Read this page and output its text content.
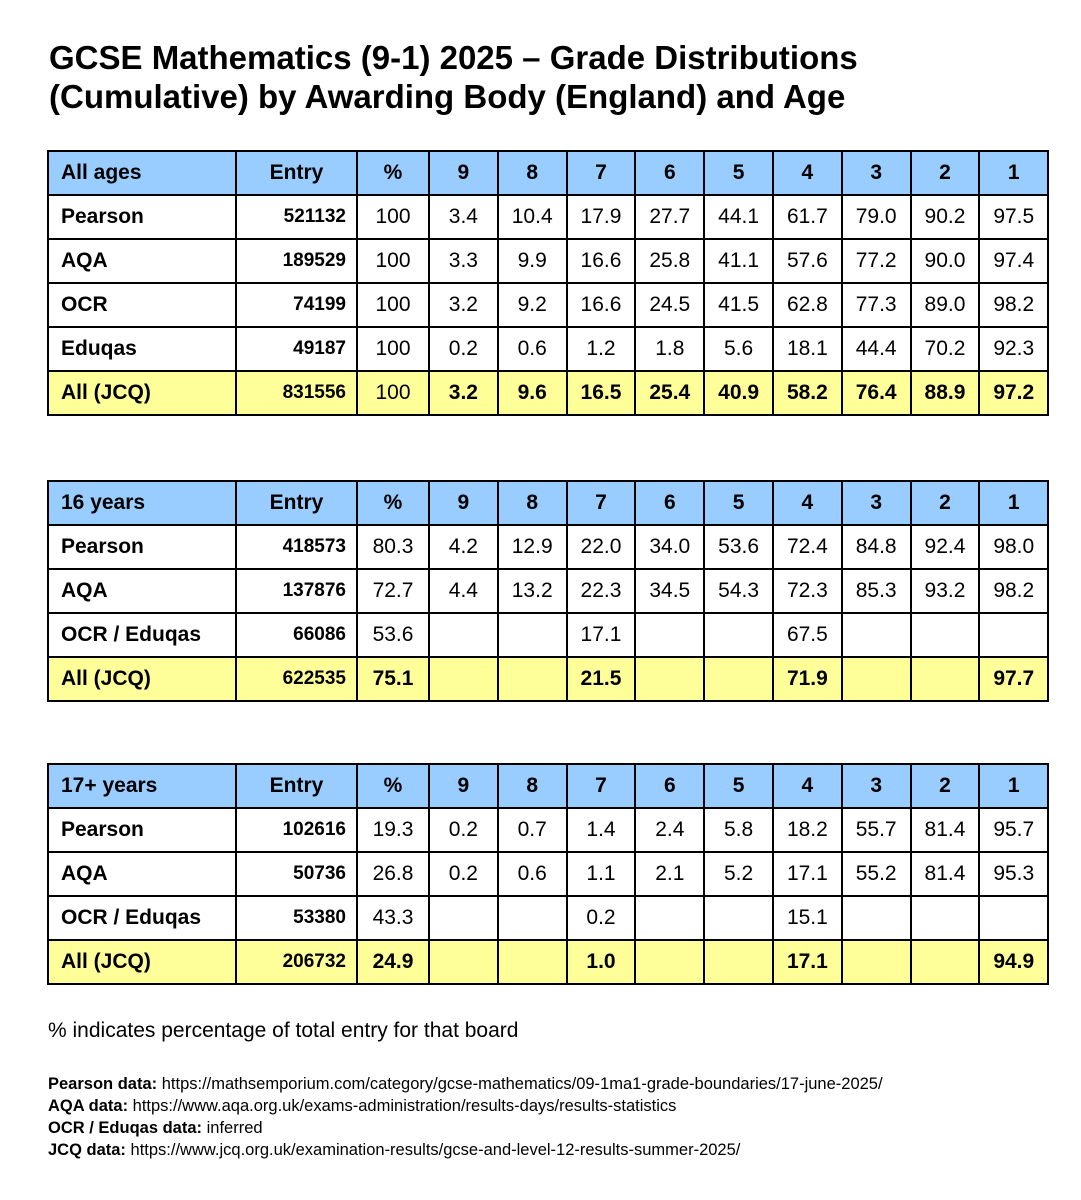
GCSE Mathematics (9-1) 2025 – Grade Distributions (Cumulative) by Awarding Body (England) and Age
All ages	Entry	%	9	8	7	6	5	4	3	2	1
Pearson	521132	100	3.4	10.4	17.9	27.7	44.1	61.7	79.0	90.2	97.5
AQA	189529	100	3.3	9.9	16.6	25.8	41.1	57.6	77.2	90.0	97.4
OCR	74199	100	3.2	9.2	16.6	24.5	41.5	62.8	77.3	89.0	98.2
Eduqas	49187	100	0.2	0.6	1.2	1.8	5.6	18.1	44.4	70.2	92.3
All (JCQ)	831556	100	3.2	9.6	16.5	25.4	40.9	58.2	76.4	88.9	97.2
16 years	Entry	%	9	8	7	6	5	4	3	2	1
Pearson	418573	80.3	4.2	12.9	22.0	34.0	53.6	72.4	84.8	92.4	98.0
AQA	137876	72.7	4.4	13.2	22.3	34.5	54.3	72.3	85.3	93.2	98.2
OCR / Eduqas	66086	53.6			17.1			67.5			
All (JCQ)	622535	75.1			21.5			71.9			97.7
17+ years	Entry	%	9	8	7	6	5	4	3	2	1
Pearson	102616	19.3	0.2	0.7	1.4	2.4	5.8	18.2	55.7	81.4	95.7
AQA	50736	26.8	0.2	0.6	1.1	2.1	5.2	17.1	55.2	81.4	95.3
OCR / Eduqas	53380	43.3			0.2			15.1			
All (JCQ)	206732	24.9			1.0			17.1			94.9

% indicates percentage of total entry for that board

Pearson data: https://mathsemporium.com/category/gcse-mathematics/09-1ma1-grade-boundaries/17-june-2025/
AQA data: https://www.aqa.org.uk/exams-administration/results-days/results-statistics
OCR / Eduqas data: inferred
JCQ data: https://www.jcq.org.uk/examination-results/gcse-and-level-12-results-summer-2025/
